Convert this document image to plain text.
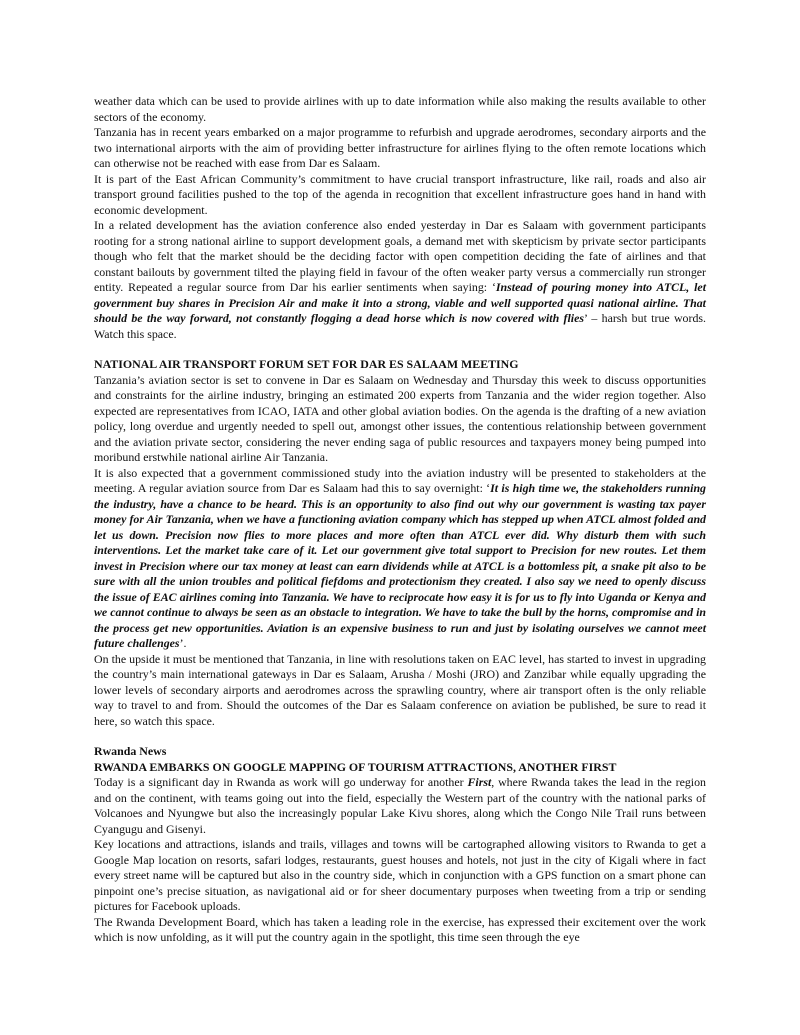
weather data which can be used to provide airlines with up to date information while also making the results available to other sectors of the economy.

Tanzania has in recent years embarked on a major programme to refurbish and upgrade aerodromes, secondary airports and the two international airports with the aim of providing better infrastructure for airlines flying to the often remote locations which can otherwise not be reached with ease from Dar es Salaam.

It is part of the East African Community’s commitment to have crucial transport infrastructure, like rail, roads and also air transport ground facilities pushed to the top of the agenda in recognition that excellent infrastructure goes hand in hand with economic development.

In a related development has the aviation conference also ended yesterday in Dar es Salaam with government participants rooting for a strong national airline to support development goals, a demand met with skepticism by private sector participants though who felt that the market should be the deciding factor with open competition deciding the fate of airlines and that constant bailouts by government tilted the playing field in favour of the often weaker party versus a commercially run stronger entity. Repeated a regular source from Dar his earlier sentiments when saying: ‘Instead of pouring money into ATCL, let government buy shares in Precision Air and make it into a strong, viable and well supported quasi national airline. That should be the way forward, not constantly flogging a dead horse which is now covered with flies’ – harsh but true words. Watch this space.

NATIONAL AIR TRANSPORT FORUM SET FOR DAR ES SALAAM MEETING

Tanzania’s aviation sector is set to convene in Dar es Salaam on Wednesday and Thursday this week to discuss opportunities and constraints for the airline industry, bringing an estimated 200 experts from Tanzania and the wider region together. Also expected are representatives from ICAO, IATA and other global aviation bodies. On the agenda is the drafting of a new aviation policy, long overdue and urgently needed to spell out, amongst other issues, the contentious relationship between government and the aviation private sector, considering the never ending saga of public resources and taxpayers money being pumped into moribund erstwhile national airline Air Tanzania.

It is also expected that a government commissioned study into the aviation industry will be presented to stakeholders at the meeting. A regular aviation source from Dar es Salaam had this to say overnight: ‘It is high time we, the stakeholders running the industry, have a chance to be heard. This is an opportunity to also find out why our government is wasting tax payer money for Air Tanzania, when we have a functioning aviation company which has stepped up when ATCL almost folded and let us down. Precision now flies to more places and more often than ATCL ever did. Why disturb them with such interventions. Let the market take care of it. Let our government give total support to Precision for new routes. Let them invest in Precision where our tax money at least can earn dividends while at ATCL is a bottomless pit, a snake pit also to be sure with all the union troubles and political fiefdoms and protectionism they created. I also say we need to openly discuss the issue of EAC airlines coming into Tanzania. We have to reciprocate how easy it is for us to fly into Uganda or Kenya and we cannot continue to always be seen as an obstacle to integration. We have to take the bull by the horns, compromise and in the process get new opportunities. Aviation is an expensive business to run and just by isolating ourselves we cannot meet future challenges’.

On the upside it must be mentioned that Tanzania, in line with resolutions taken on EAC level, has started to invest in upgrading the country’s main international gateways in Dar es Salaam, Arusha / Moshi (JRO) and Zanzibar while equally upgrading the lower levels of secondary airports and aerodromes across the sprawling country, where air transport often is the only reliable way to travel to and from. Should the outcomes of the Dar es Salaam conference on aviation be published, be sure to read it here, so watch this space.

Rwanda News

RWANDA EMBARKS ON GOOGLE MAPPING OF TOURISM ATTRACTIONS, ANOTHER FIRST

Today is a significant day in Rwanda as work will go underway for another First, where Rwanda takes the lead in the region and on the continent, with teams going out into the field, especially the Western part of the country with the national parks of Volcanoes and Nyungwe but also the increasingly popular Lake Kivu shores, along which the Congo Nile Trail runs between Cyangugu and Gisenyi.

Key locations and attractions, islands and trails, villages and towns will be cartographed allowing visitors to Rwanda to get a Google Map location on resorts, safari lodges, restaurants, guest houses and hotels, not just in the city of Kigali where in fact every street name will be captured but also in the country side, which in conjunction with a GPS function on a smart phone can pinpoint one’s precise situation, as navigational aid or for sheer documentary purposes when tweeting from a trip or sending pictures for Facebook uploads.

The Rwanda Development Board, which has taken a leading role in the exercise, has expressed their excitement over the work which is now unfolding, as it will put the country again in the spotlight, this time seen through the eye
